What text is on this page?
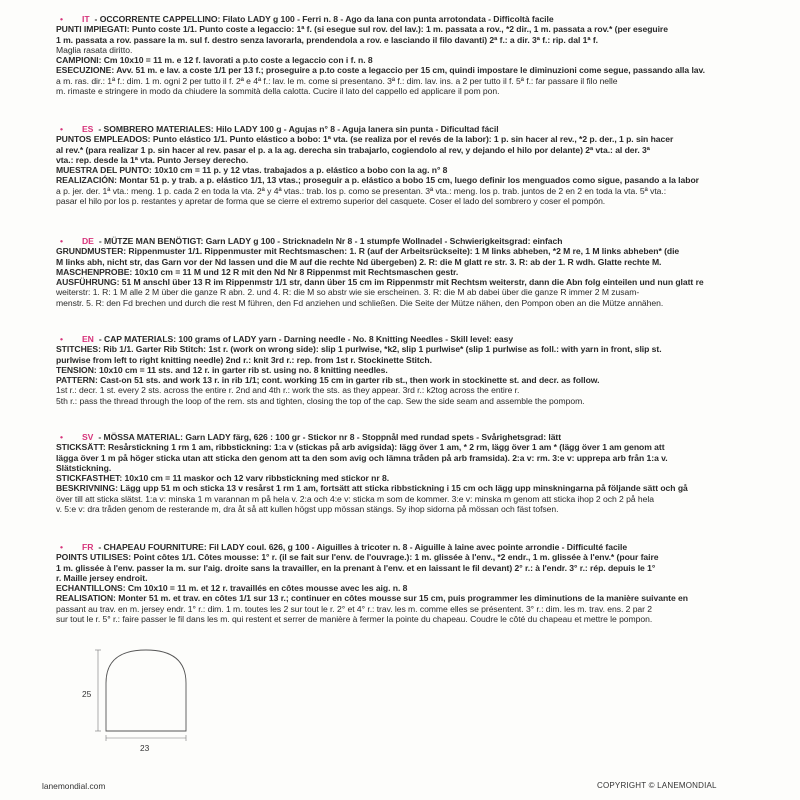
•	IT - OCCORRENTE CAPPELLINO: Filato LADY g 100 - Ferri n. 8 - Ago da lana con punta arrotondata - Difficoltà facile
PUNTI IMPIEGATI: Punto coste 1/1. Punto coste a legaccio: 1ª f. (si esegue sul rov. del lav.): 1 m. passata a rov., *2 dir., 1 m. passata a rov.* (per eseguire
1 m. passata a rov. passare la m. sul f. destro senza lavorarla, prendendola a rov. e lasciando il filo davanti) 2ª f.: a dir. 3ª f.: rip. dal 1ª f.
Maglia rasata diritto.
CAMPIONI: Cm 10x10 = 11 m. e 12 f. lavorati a p.to coste a legaccio con i f. n. 8
ESECUZIONE: Avv. 51 m. e lav. a coste 1/1 per 13 f.; proseguire a p.to coste a legaccio per 15 cm, quindi impostare le diminuzioni come segue, passando alla lav.
a m. ras. dir.: 1ª f.: dim. 1 m. ogni 2 per tutto il f. 2ª e 4ª f.: lav. le m. come si presentano. 3ª f.: dim. lav. ins. a 2 per tutto il f. 5ª f.: far passare il filo nelle
m. rimaste e stringere in modo da chiudere la sommità della calotta. Cucire il lato del cappello ed applicare il pom pon.
•	ES - SOMBRERO MATERIALES: Hilo LADY 100 g - Agujas n° 8 - Aguja lanera sin punta - Dificultad fácil
PUNTOS EMPLEADOS: Punto elástico 1/1. Punto elástico a bobo: 1ª vta. (se realiza por el revés de la labor): 1 p. sin hacer al rev., *2 p. der., 1 p. sin hacer
al rev.* (para realizar 1 p. sin hacer al rev. pasar el p. a la ag. derecha sin trabajarlo, cogiendolo al rev, y dejando el hilo por delante) 2ª vta.: al der. 3ª
vta.: rep. desde la 1ª vta. Punto Jersey derecho.
MUESTRA DEL PUNTO: 10x10 cm = 11 p. y 12 vtas. trabajados a p. elástico a bobo con la ag. n° 8
REALIZACIÓN: Montar 51 p. y trab. a p. elástico 1/1, 13 vtas.; proseguir a p. elástico a bobo 15 cm, luego definir los menguados como sigue, pasando a la labor
a p. jer. der. 1ª vta.: meng. 1 p. cada 2 en toda la vta. 2ª y 4ª vtas.: trab. los p. como se presentan. 3ª vta.: meng. los p. trab. juntos de 2 en 2 en toda la vta. 5ª vta.:
pasar el hilo por los p. restantes y apretar de forma que se cierre el extremo superior del casquete. Coser el lado del sombrero y coser el pompón.
•	DE - MÜTZE MAN BENÖTIGT: Garn LADY g 100 - Stricknadeln Nr 8 - 1 stumpfe Wollnadel - Schwierigkeitsgrad: einfach
GRUNDMUSTER: Rippenmuster 1/1. Rippenmuster mit Rechtsmaschen: 1. R (auf der Arbeitsrückseite): 1 M links abheben, *2 M re, 1 M links abheben* (die
M links abh, nicht str, das Garn vor der Nd lassen und die M auf die rechte Nd übergeben) 2. R: die M glatt re str. 3. R: ab der 1. R wdh. Glatte rechte M.
MASCHENPROBE: 10x10 cm = 11 M und 12 R mit den Nd Nr 8 Rippenmst mit Rechtsmaschen gestr.
AUSFÜHRUNG: 51 M anschl über 13 R im Rippenmstr 1/1 str, dann über 15 cm im Rippenmstr mit Rechtsm weiterstr, dann die Abn folg einteilen und nun glatt re
weiterstr: 1. R: 1 M alle 2 M über die ganze R abn. 2. und 4. R: die M so abstr wie sie erscheinen. 3. R: die M ab dabei über die ganze R immer 2 M zusam-
menstr. 5. R: den Fd brechen und durch die rest M führen, den Fd anziehen und schließen. Die Seite der Mütze nähen, den Pompon oben an die Mütze annähen.
•	EN - CAP MATERIALS: 100 grams of LADY yarn - Darning needle - No. 8 Knitting Needles - Skill level: easy
STITCHES: Rib 1/1. Garter Rib Stitch: 1st r. (work on wrong side): slip 1 purlwise, *k2, slip 1 purlwise* (slip 1 purlwise as foll.: with yarn in front, slip st.
purlwise from left to right knitting needle) 2nd r.: knit 3rd r.: rep. from 1st r. Stockinette Stitch.
TENSION: 10x10 cm = 11 sts. and 12 r. in garter rib st. using no. 8 knitting needles.
PATTERN: Cast-on 51 sts. and work 13 r. in rib 1/1; cont. working 15 cm in garter rib st., then work in stockinette st. and decr. as follow.
1st r.: decr. 1 st. every 2 sts. across the entire r. 2nd and 4th r.: work the sts. as they appear. 3rd r.: k2tog across the entire r.
5th r.: pass the thread through the loop of the rem. sts and tighten, closing the top of the cap. Sew the side seam and assemble the pompom.
•	SV - MÖSSA MATERIAL: Garn LADY färg, 626 : 100 gr - Stickor nr 8 - Stoppnål med rundad spets - Svårighetsgrad: lätt
STICKSÄTT: Resårstickning 1 rm 1 am, ribbstickning: 1:a v (stickas på arb avigsida): lägg över 1 am, * 2 rm, lägg över 1 am * (lägg över 1 am genom att
lägga över 1 m på höger sticka utan att sticka den genom att ta den som avig och lämna tråden på arb framsida). 2:a v: rm. 3:e v: upprepa arb från 1:a v.
Slätstickning.
STICKFASTHET: 10x10 cm = 11 maskor och 12 varv ribbstickning med stickor nr 8.
BESKRIVNING: Lägg upp 51 m och sticka 13 v resårst 1 rm 1 am, fortsätt att sticka ribbstickning i 15 cm och lägg upp minskningarna på följande sätt och gå
över till att sticka slätst. 1:a v: minska 1 m varannan m på hela v. 2:a och 4:e v: sticka m som de kommer. 3:e v: minska m genom att sticka ihop 2 och 2 på hela
v. 5:e v: dra tråden genom de resterande m, dra åt så att kullen högst upp mössan stängs. Sy ihop sidorna på mössan och fäst tofsen.
•	FR - CHAPEAU FOURNITURE: Fil LADY coul. 626, g 100 - Aiguilles à tricoter n. 8 - Aiguille à laine avec pointe arrondie - Difficulté facile
POINTS UTILISES: Point côtes 1/1. Côtes mousse: 1° r. (il se fait sur l'env. de l'ouvrage.): 1 m. glissée à l'env., *2 endr., 1 m. glissée à l'env.* (pour faire
1 m. glissée à l'env. passer la m. sur l'aig. droite sans la travailler, en la prenant à l'env. et en laissant le fil devant) 2° r.: à l'endr. 3° r.: rép. depuis le 1°
r. Maille jersey endroit.
ECHANTILLONS: Cm 10x10 = 11 m. et 12 r. travaillés en côtes mousse avec les aig. n. 8
REALISATION: Monter 51 m. et trav. en côtes 1/1 sur 13 r.; continuer en côtes mousse sur 15 cm, puis programmer les diminutions de la manière suivante en
passant au trav. en m. jersey endr. 1° r.: dim. 1 m. toutes les 2 sur tout le r. 2° et 4° r.: trav. les m. comme elles se présentent. 3° r.: dim. les m. trav. ens. 2 par 2
sur tout le r. 5° r.: faire passer le fil dans les m. qui restent et serrer de manière à fermer la pointe du chapeau. Coudre le côté du chapeau et mettre le pompon.
25
23
lanemondial.com	COPYRIGHT © LANEMONDIAL
